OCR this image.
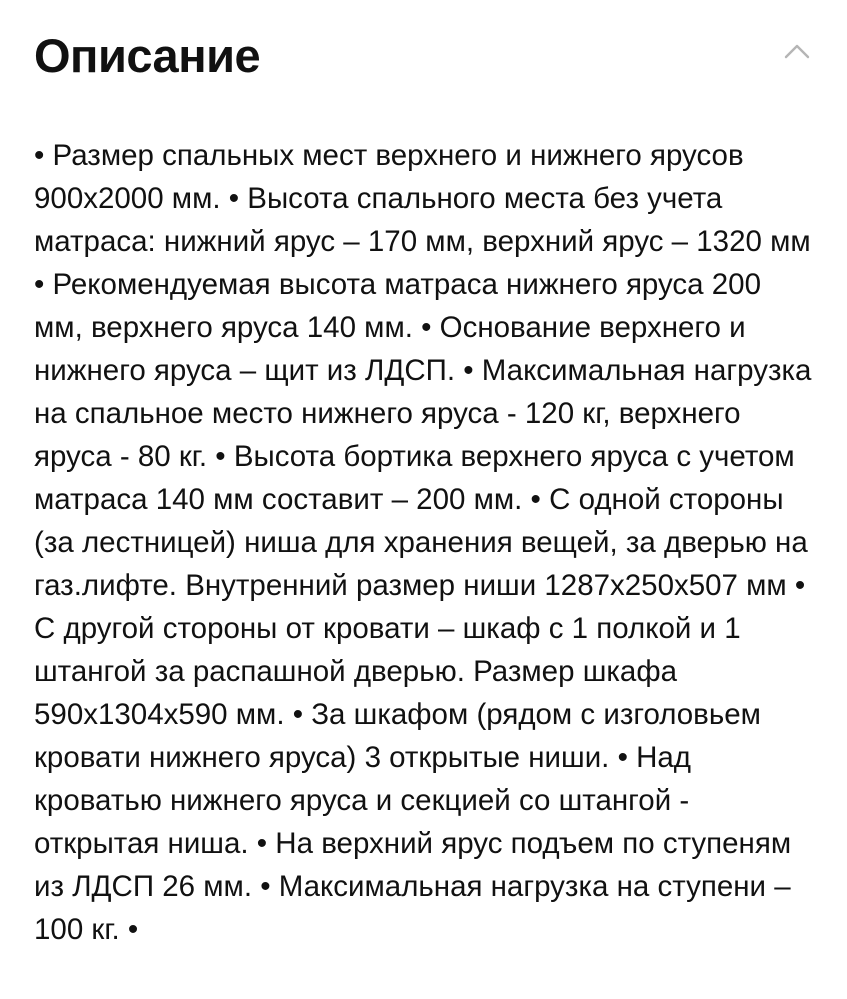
Описание

• Размер спальных мест верхнего и нижнего ярусов 900x2000 мм. • Высота спального места без учета матраса: нижний ярус – 170 мм, верхний ярус – 1320 мм • Рекомендуемая высота матраса нижнего яруса 200 мм, верхнего яруса 140 мм. • Основание верхнего и нижнего яруса – щит из ЛДСП. • Максимальная нагрузка на спальное место нижнего яруса - 120 кг, верхнего яруса - 80 кг. • Высота бортика верхнего яруса с учетом матраса 140 мм составит – 200 мм. • С одной стороны (за лестницей) ниша для хранения вещей, за дверью на газ.лифте. Внутренний размер ниши 1287x250x507 мм • С другой стороны от кровати – шкаф с 1 полкой и 1 штангой за распашной дверью. Размер шкафа 590x1304x590 мм. • За шкафом (рядом с изголовьем кровати нижнего яруса) 3 открытые ниши. • Над кроватью нижнего яруса и секцией со штангой - открытая ниша. • На верхний ярус подъем по ступеням из ЛДСП 26 мм. • Максимальная нагрузка на ступени – 100 кг. •
